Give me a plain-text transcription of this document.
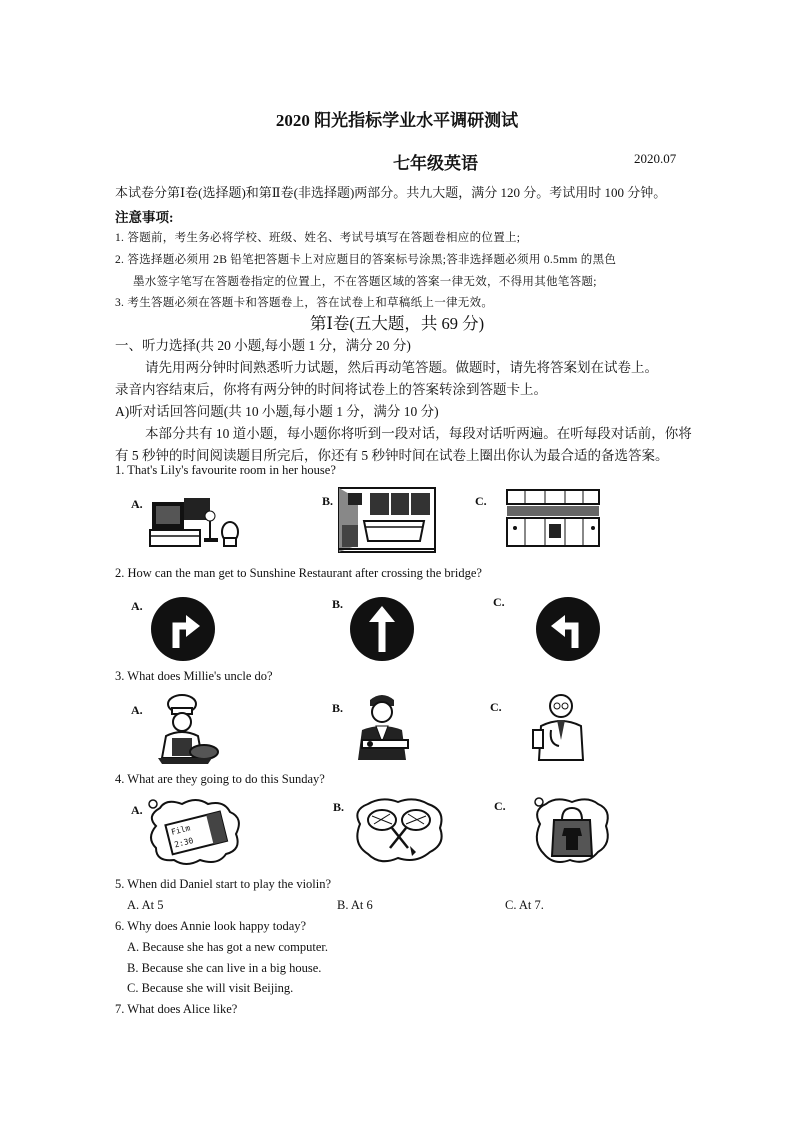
2020 阳光指标学业水平调研测试
七年级英语	2020.07
本试卷分第Ⅰ卷(选择题)和第Ⅱ卷(非选择题)两部分。共九大题，满分 120 分。考试用时 100 分钟。
注意事项:
1. 答题前，考生务必将学校、班级、姓名、考试号填写在答题卷相应的位置上;
2. 答选择题必须用 2B 铅笔把答题卡上对应题目的答案标号涂黑;答非选择题必须用 0.5mm 的黑色
墨水签字笔写在答题卷指定的位置上，不在答题区域的答案一律无效，不得用其他笔答题;
3. 考生答题必须在答题卡和答题卷上，答在试卷上和草稿纸上一律无效。
第Ⅰ卷(五大题，共 69 分)
一、听力选择(共 20 小题,每小题 1 分，满分 20 分)
请先用两分钟时间熟悉听力试题，然后再动笔答题。做题时，请先将答案划在试卷上。
录音内容结束后，你将有两分钟的时间将试卷上的答案转涂到答题卡上。
A)听对话回答问题(共 10 小题,每小题 1 分，满分 10 分)
本部分共有 10 道小题，每小题你将听到一段对话，每段对话听两遍。在听每段对话前，你将
有 5 秒钟的时间阅读题目所完后，你还有 5 秒钟时间在试卷上圈出你认为最合适的备选答案。
1. That's Lily's favourite room in her house?
A.	B.	C.
2. How can the man get to Sunshine Restaurant after crossing the bridge?
A.	B.	C.
3. What does Millie's uncle do?
A.	B.	C.
4. What are they going to do this Sunday?
A.	B.	C.
Film
2:30
5. When did Daniel start to play the violin?
A. At 5	B. At 6	C. At 7.
6. Why does Annie look happy today?
A. Because she has got a new computer.
B. Because she can live in a big house.
C. Because she will visit Beijing.
7. What does Alice like?
